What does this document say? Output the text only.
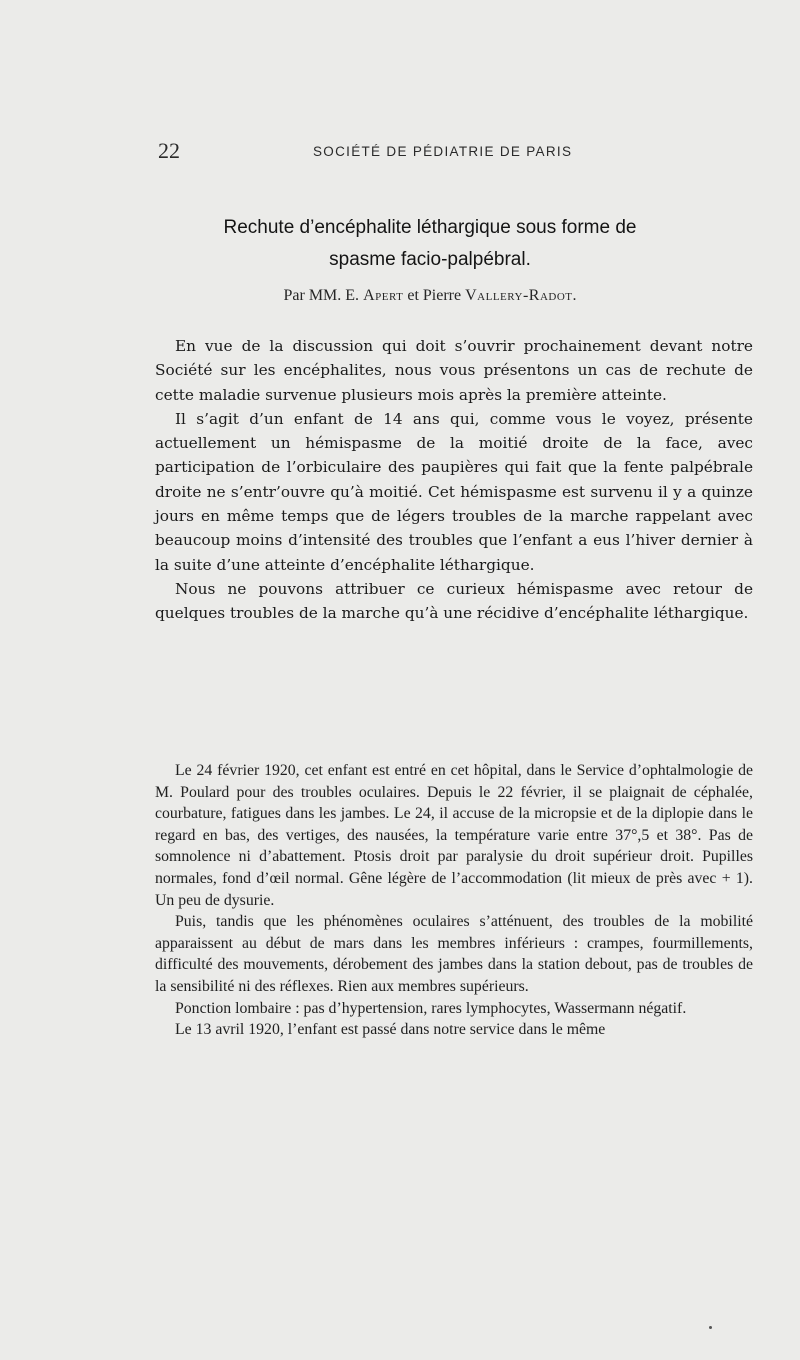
22	SOCIÉTÉ DE PÉDIATRIE DE PARIS
Rechute d’encéphalite léthargique sous forme de
spasme facio-palpébral.
Par MM. E. Apert et Pierre Vallery-Radot.

En vue de la discussion qui doit s’ouvrir prochainement devant notre Société sur les encéphalites, nous vous présentons un cas de rechute de cette maladie survenue plusieurs mois après la première atteinte.

Il s’agit d’un enfant de 14 ans qui, comme vous le voyez, présente actuellement un hémispasme de la moitié droite de la face, avec participation de l’orbiculaire des paupières qui fait que la fente palpébrale droite ne s’entr’ouvre qu’à moitié. Cet hémispasme est survenu il y a quinze jours en même temps que de légers troubles de la marche rappelant avec beaucoup moins d’intensité des troubles que l’enfant a eus l’hiver dernier à la suite d’une atteinte d’encéphalite léthargique.

Nous ne pouvons attribuer ce curieux hémispasme avec retour de quelques troubles de la marche qu’à une récidive d’encéphalite léthargique.

Le 24 février 1920, cet enfant est entré en cet hôpital, dans le Service d’ophtalmologie de M. Poulard pour des troubles oculaires. Depuis le 22 février, il se plaignait de céphalée, courbature, fatigues dans les jambes. Le 24, il accuse de la micropsie et de la diplopie dans le regard en bas, des vertiges, des nausées, la température varie entre 37°,5 et 38°. Pas de somnolence ni d’abattement. Ptosis droit par paralysie du droit supérieur droit. Pupilles normales, fond d’œil normal. Gêne légère de l’accommodation (lit mieux de près avec + 1). Un peu de dysurie.

Puis, tandis que les phénomènes oculaires s’atténuent, des troubles de la mobilité apparaissent au début de mars dans les membres inférieurs : crampes, fourmillements, difficulté des mouvements, dérobement des jambes dans la station debout, pas de troubles de la sensibilité ni des réflexes. Rien aux membres supérieurs.

Ponction lombaire : pas d’hypertension, rares lymphocytes, Wassermann négatif.

Le 13 avril 1920, l’enfant est passé dans notre service dans le même
